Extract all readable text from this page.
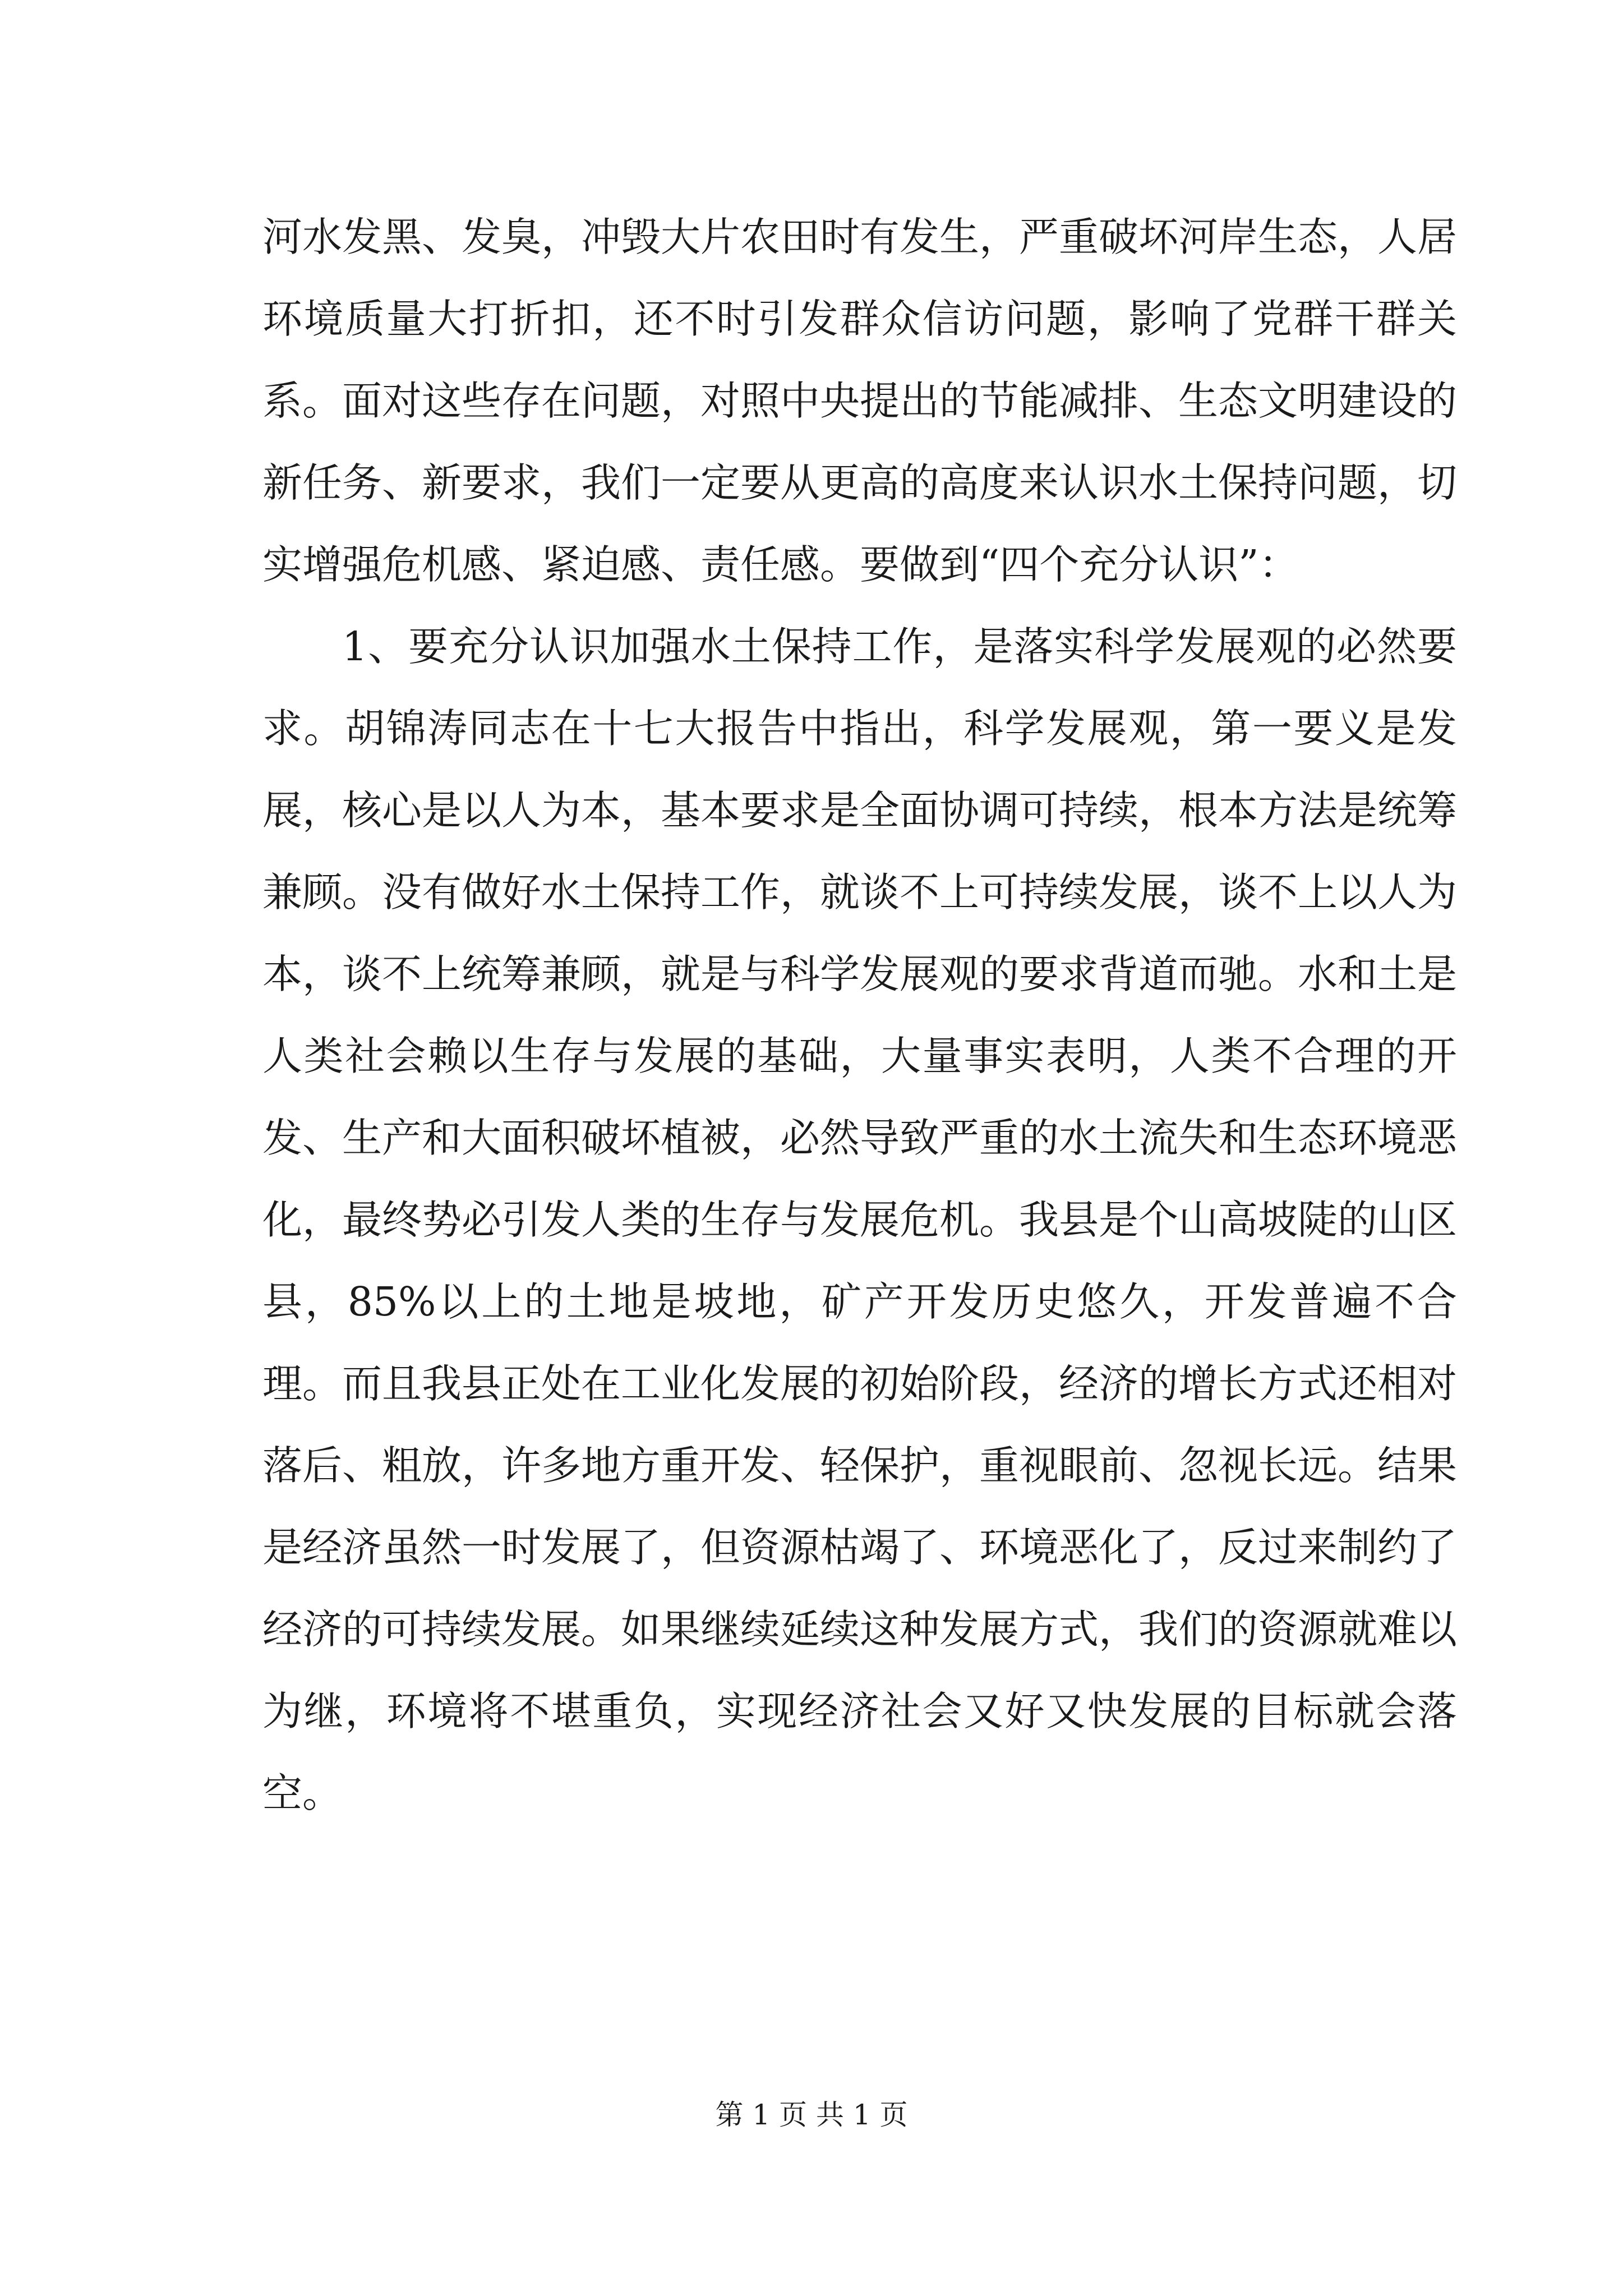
河水发黑、发臭，冲毁大片农田时有发生，严重破坏河岸生态，人居环境质量大打折扣，还不时引发群众信访问题，影响了党群干群关系。面对这些存在问题，对照中央提出的节能减排、生态文明建设的新任务、新要求，我们一定要从更高的高度来认识水土保持问题，切实增强危机感、紧迫感、责任感。要做到“四个充分认识”：

1、要充分认识加强水土保持工作，是落实科学发展观的必然要求。胡锦涛同志在十七大报告中指出，科学发展观，第一要义是发展，核心是以人为本，基本要求是全面协调可持续，根本方法是统筹兼顾。没有做好水土保持工作，就谈不上可持续发展，谈不上以人为本，谈不上统筹兼顾，就是与科学发展观的要求背道而驰。水和土是人类社会赖以生存与发展的基础，大量事实表明，人类不合理的开发、生产和大面积破坏植被，必然导致严重的水土流失和生态环境恶化，最终势必引发人类的生存与发展危机。我县是个山高坡陡的山区县，85%以上的土地是坡地，矿产开发历史悠久，开发普遍不合理。而且我县正处在工业化发展的初始阶段，经济的增长方式还相对落后、粗放，许多地方重开发、轻保护，重视眼前、忽视长远。结果是经济虽然一时发展了，但资源枯竭了、环境恶化了，反过来制约了经济的可持续发展。如果继续延续这种发展方式，我们的资源就难以为继，环境将不堪重负，实现经济社会又好又快发展的目标就会落空。

第 1 页 共 1 页
